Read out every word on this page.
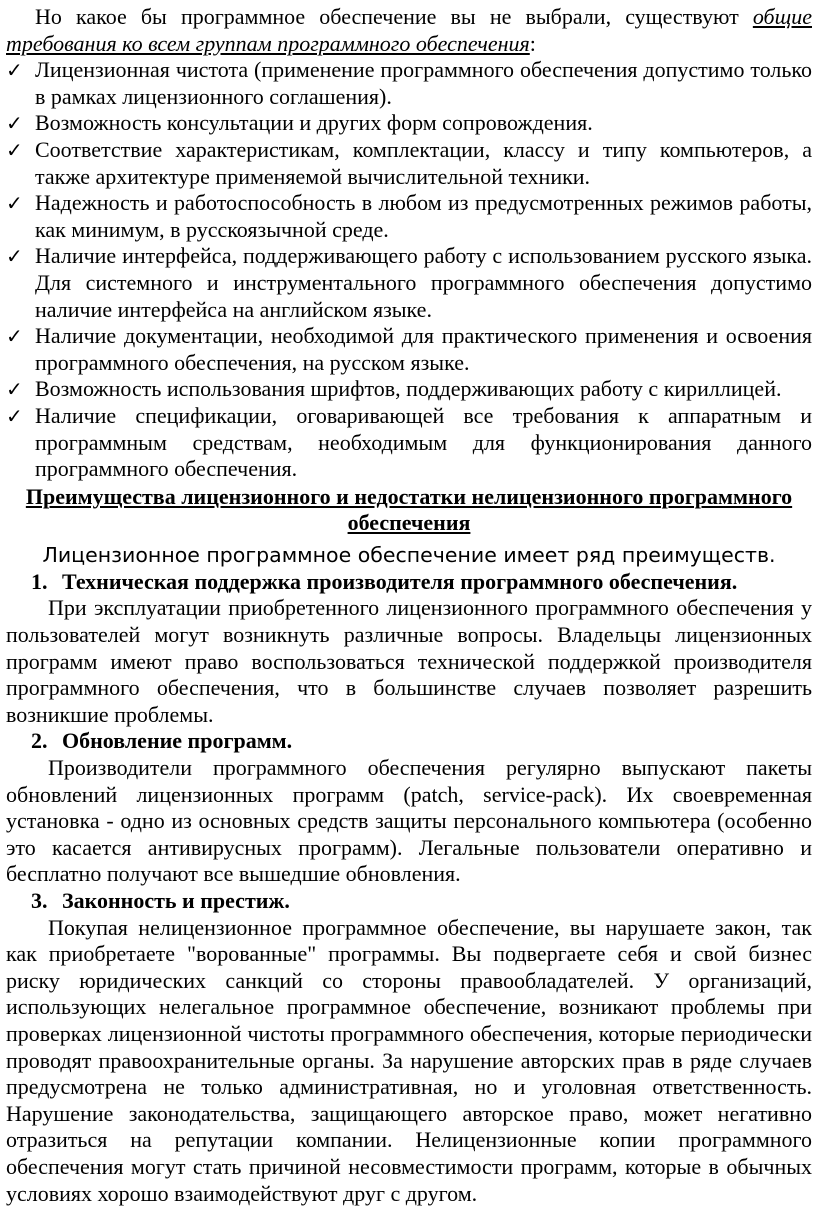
Но какое бы программное обеспечение вы не выбрали, существуют общие требования ко всем группам программного обеспечения:

✓ Лицензионная чистота (применение программного обеспечения допустимо только в рамках лицензионного соглашения).
✓ Возможность консультации и других форм сопровождения.
✓ Соответствие характеристикам, комплектации, классу и типу компьютеров, а также архитектуре применяемой вычислительной техники.
✓ Надежность и работоспособность в любом из предусмотренных режимов работы, как минимум, в русскоязычной среде.
✓ Наличие интерфейса, поддерживающего работу с использованием русского языка. Для системного и инструментального программного обеспечения допустимо наличие интерфейса на английском языке.
✓ Наличие документации, необходимой для практического применения и освоения программного обеспечения, на русском языке.
✓ Возможность использования шрифтов, поддерживающих работу с кириллицей.
✓ Наличие спецификации, оговаривающей все требования к аппаратным и программным средствам, необходимым для функционирования данного программного обеспечения.

Преимущества лицензионного и недостатки нелицензионного программного обеспечения

Лицензионное программное обеспечение имеет ряд преимуществ.

1. Техническая поддержка производителя программного обеспечения.

При эксплуатации приобретенного лицензионного программного обеспечения у пользователей могут возникнуть различные вопросы. Владельцы лицензионных программ имеют право воспользоваться технической поддержкой производителя программного обеспечения, что в большинстве случаев позволяет разрешить возникшие проблемы.

2. Обновление программ.

Производители программного обеспечения регулярно выпускают пакеты обновлений лицензионных программ (patch, service-pack). Их своевременная установка - одно из основных средств защиты персонального компьютера (особенно это касается антивирусных программ). Легальные пользователи оперативно и бесплатно получают все вышедшие обновления.

3. Законность и престиж.

Покупая нелицензионное программное обеспечение, вы нарушаете закон, так как приобретаете "ворованные" программы. Вы подвергаете себя и свой бизнес риску юридических санкций со стороны правообладателей. У организаций, использующих нелегальное программное обеспечение, возникают проблемы при проверках лицензионной чистоты программного обеспечения, которые периодически проводят правоохранительные органы. За нарушение авторских прав в ряде случаев предусмотрена не только административная, но и уголовная ответственность. Нарушение законодательства, защищающего авторское право, может негативно отразиться на репутации компании. Нелицензионные копии программного обеспечения могут стать причиной несовместимости программ, которые в обычных условиях хорошо взаимодействуют друг с другом.
